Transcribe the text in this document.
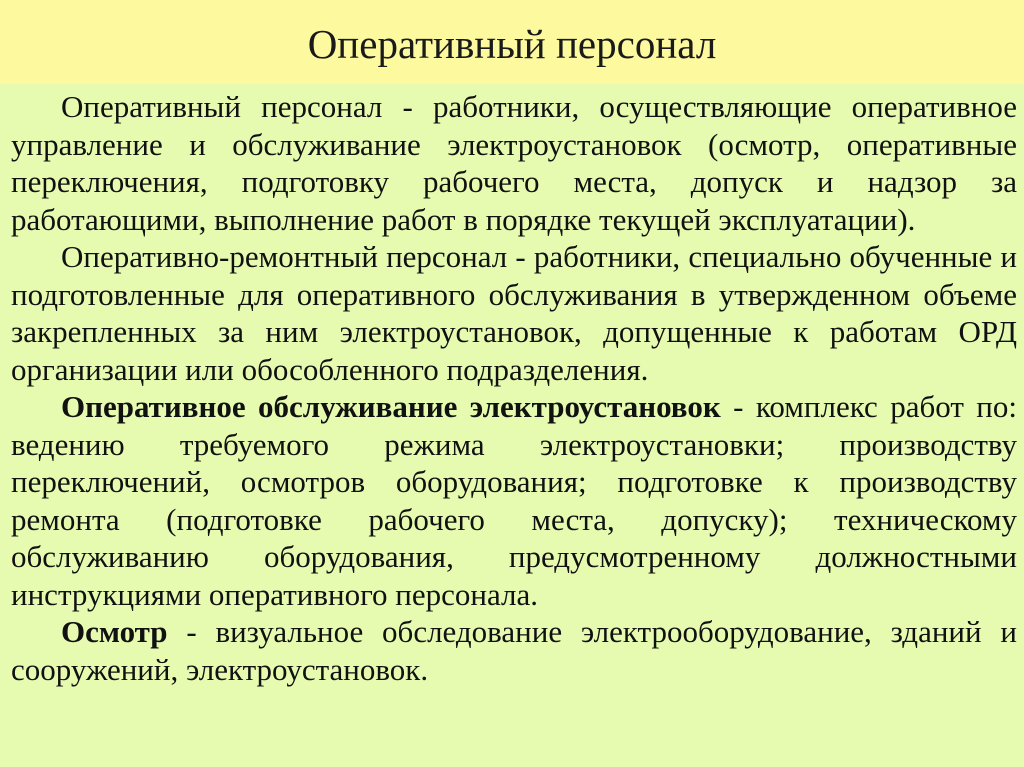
Оперативный персонал

Оперативный персонал - работники, осуществляющие оперативное управление и обслуживание электроустановок (осмотр, оперативные переключения, подготовку рабочего места, допуск и надзор за работающими, выполнение работ в порядке текущей эксплуатации).

Оперативно-ремонтный персонал - работники, специально обученные и подготовленные для оперативного обслуживания в утвержденном объеме закрепленных за ним электроустановок, допущенные к работам ОРД организации или обособленного подразделения.

Оперативное обслуживание электроустановок - комплекс работ по: ведению требуемого режима электроустановки; производству переключений, осмотров оборудования; подготовке к производству ремонта (подготовке рабочего места, допуску); техническому обслуживанию оборудования, предусмотренному должностными инструкциями оперативного персонала.

Осмотр - визуальное обследование электрооборудование, зданий и сооружений, электроустановок.
